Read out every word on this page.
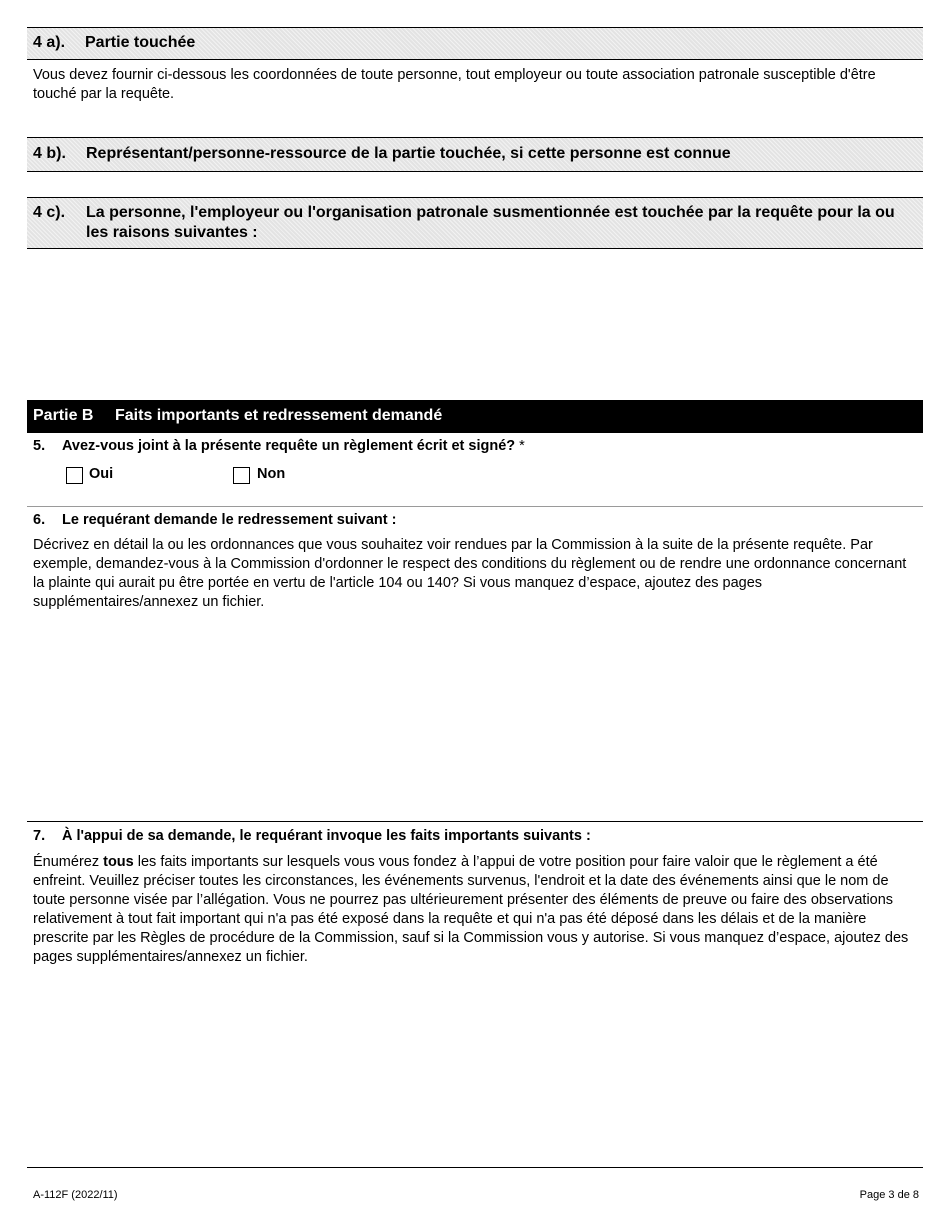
4 a). Partie touchée
Vous devez fournir ci-dessous les coordonnées de toute personne, tout employeur ou toute association patronale susceptible d'être touché par la requête.
4 b). Représentant/personne-ressource de la partie touchée, si cette personne est connue
4 c). La personne, l'employeur ou l'organisation patronale susmentionnée est touchée par la requête pour la ou les raisons suivantes :
Partie B Faits importants et redressement demandé
5. Avez-vous joint à la présente requête un règlement écrit et signé? *
Oui	Non
6. Le requérant demande le redressement suivant :
Décrivez en détail la ou les ordonnances que vous souhaitez voir rendues par la Commission à la suite de la présente requête. Par exemple, demandez-vous à la Commission d'ordonner le respect des conditions du règlement ou de rendre une ordonnance concernant la plainte qui aurait pu être portée en vertu de l'article 104 ou 140? Si vous manquez d’espace, ajoutez des pages supplémentaires/annexez un fichier.
7. À l'appui de sa demande, le requérant invoque les faits importants suivants :
Énumérez tous les faits importants sur lesquels vous vous fondez à l’appui de votre position pour faire valoir que le règlement a été enfreint. Veuillez préciser toutes les circonstances, les événements survenus, l'endroit et la date des événements ainsi que le nom de toute personne visée par l’allégation. Vous ne pourrez pas ultérieurement présenter des éléments de preuve ou faire des observations relativement à tout fait important qui n'a pas été exposé dans la requête et qui n'a pas été déposé dans les délais et de la manière prescrite par les Règles de procédure de la Commission, sauf si la Commission vous y autorise. Si vous manquez d’espace, ajoutez des pages supplémentaires/annexez un fichier.
A-112F (2022/11)	Page 3 de 8
